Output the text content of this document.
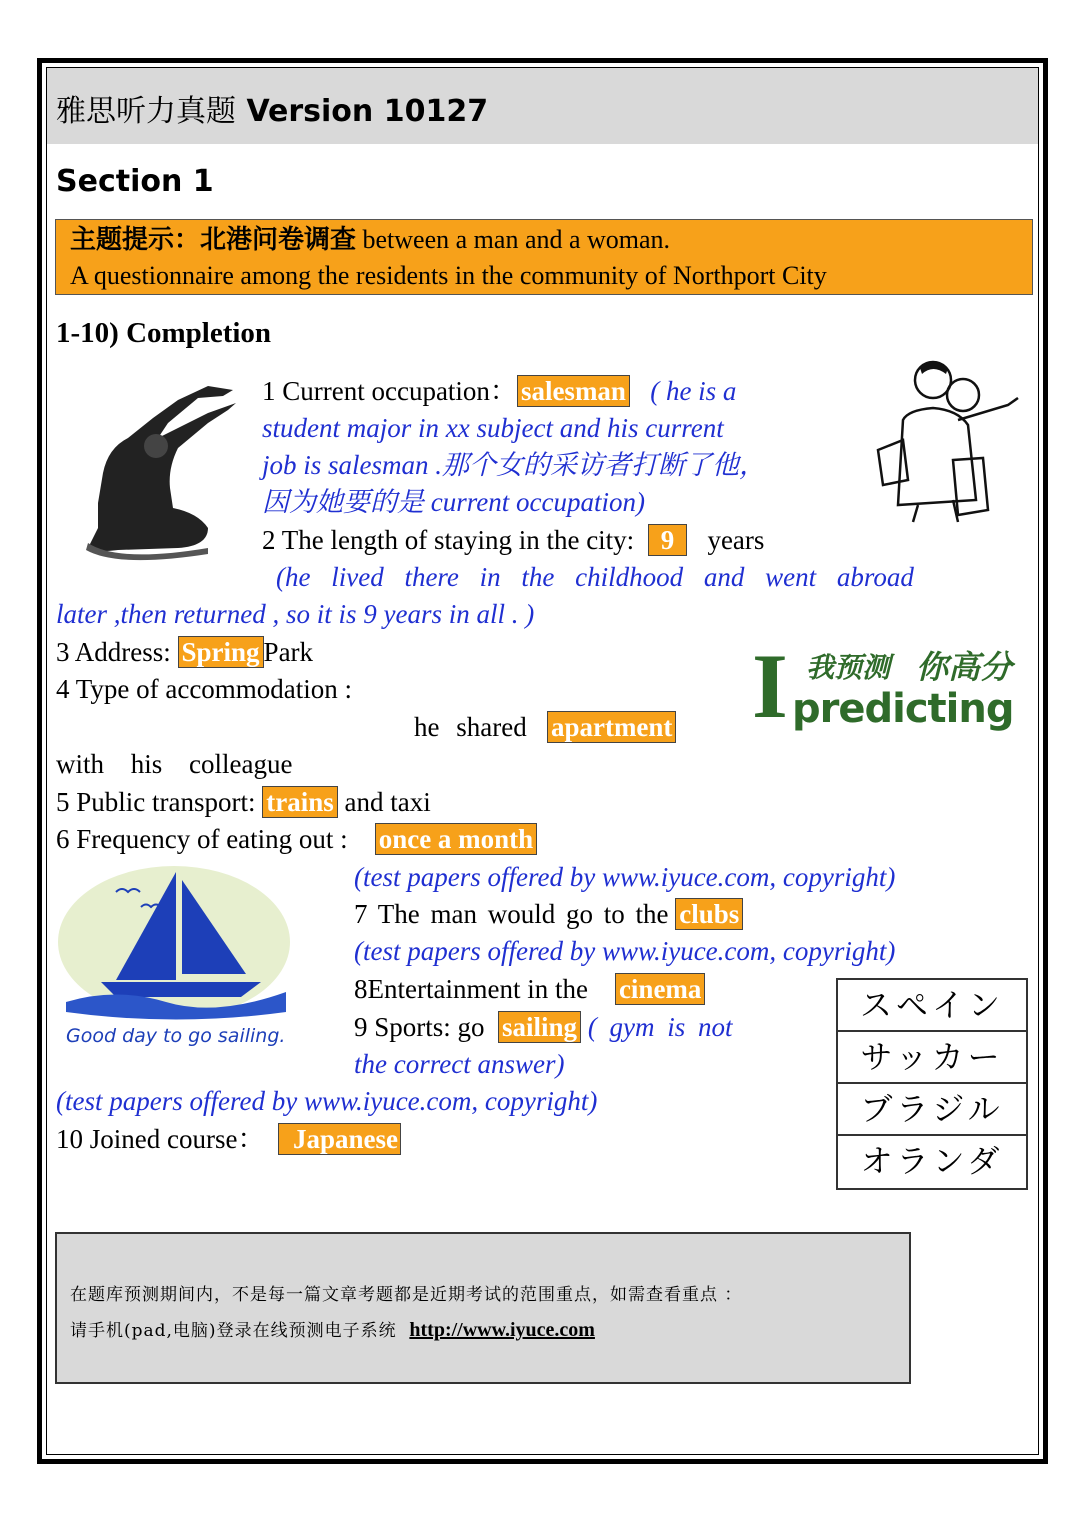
雅思听力真题 Version 10127
Section 1
主题提示：北港问卷调查 between a man and a woman.
A questionnaire among the residents in the community of Northport City
1-10) Completion
1 Current occupation： salesman ( he is a
student major in xx subject and his current
job is salesman .那个女的采访者打断了他，
因为她要的是 current occupation)
2 The length of staying in the city: 9 years
(he lived there in the childhood and went abroad
later ,then returned , so it is 9 years in all . )
3 Address: Spring Park
4 Type of accommodation :
he shared apartment
with his colleague
I 我预测 你高分
predicting
5 Public transport: trains and taxi
6 Frequency of eating out : once a month
Good day to go sailing.
(test papers offered by www.iyuce.com, copyright)
7 The man would go to the clubs
(test papers offered by www.iyuce.com, copyright)
8Entertainment in the cinema
9 Sports: go sailing ( gym is not
the correct answer)
スペイン
サッカー
ブラジル
オランダ
(test papers offered by www.iyuce.com, copyright)
10 Joined course： Japanese
在题库预测期间内，不是每一篇文章考题都是近期考试的范围重点，如需查看重点 ：
请手机(pad,电脑)登录在线预测电子系统 http://www.iyuce.com
